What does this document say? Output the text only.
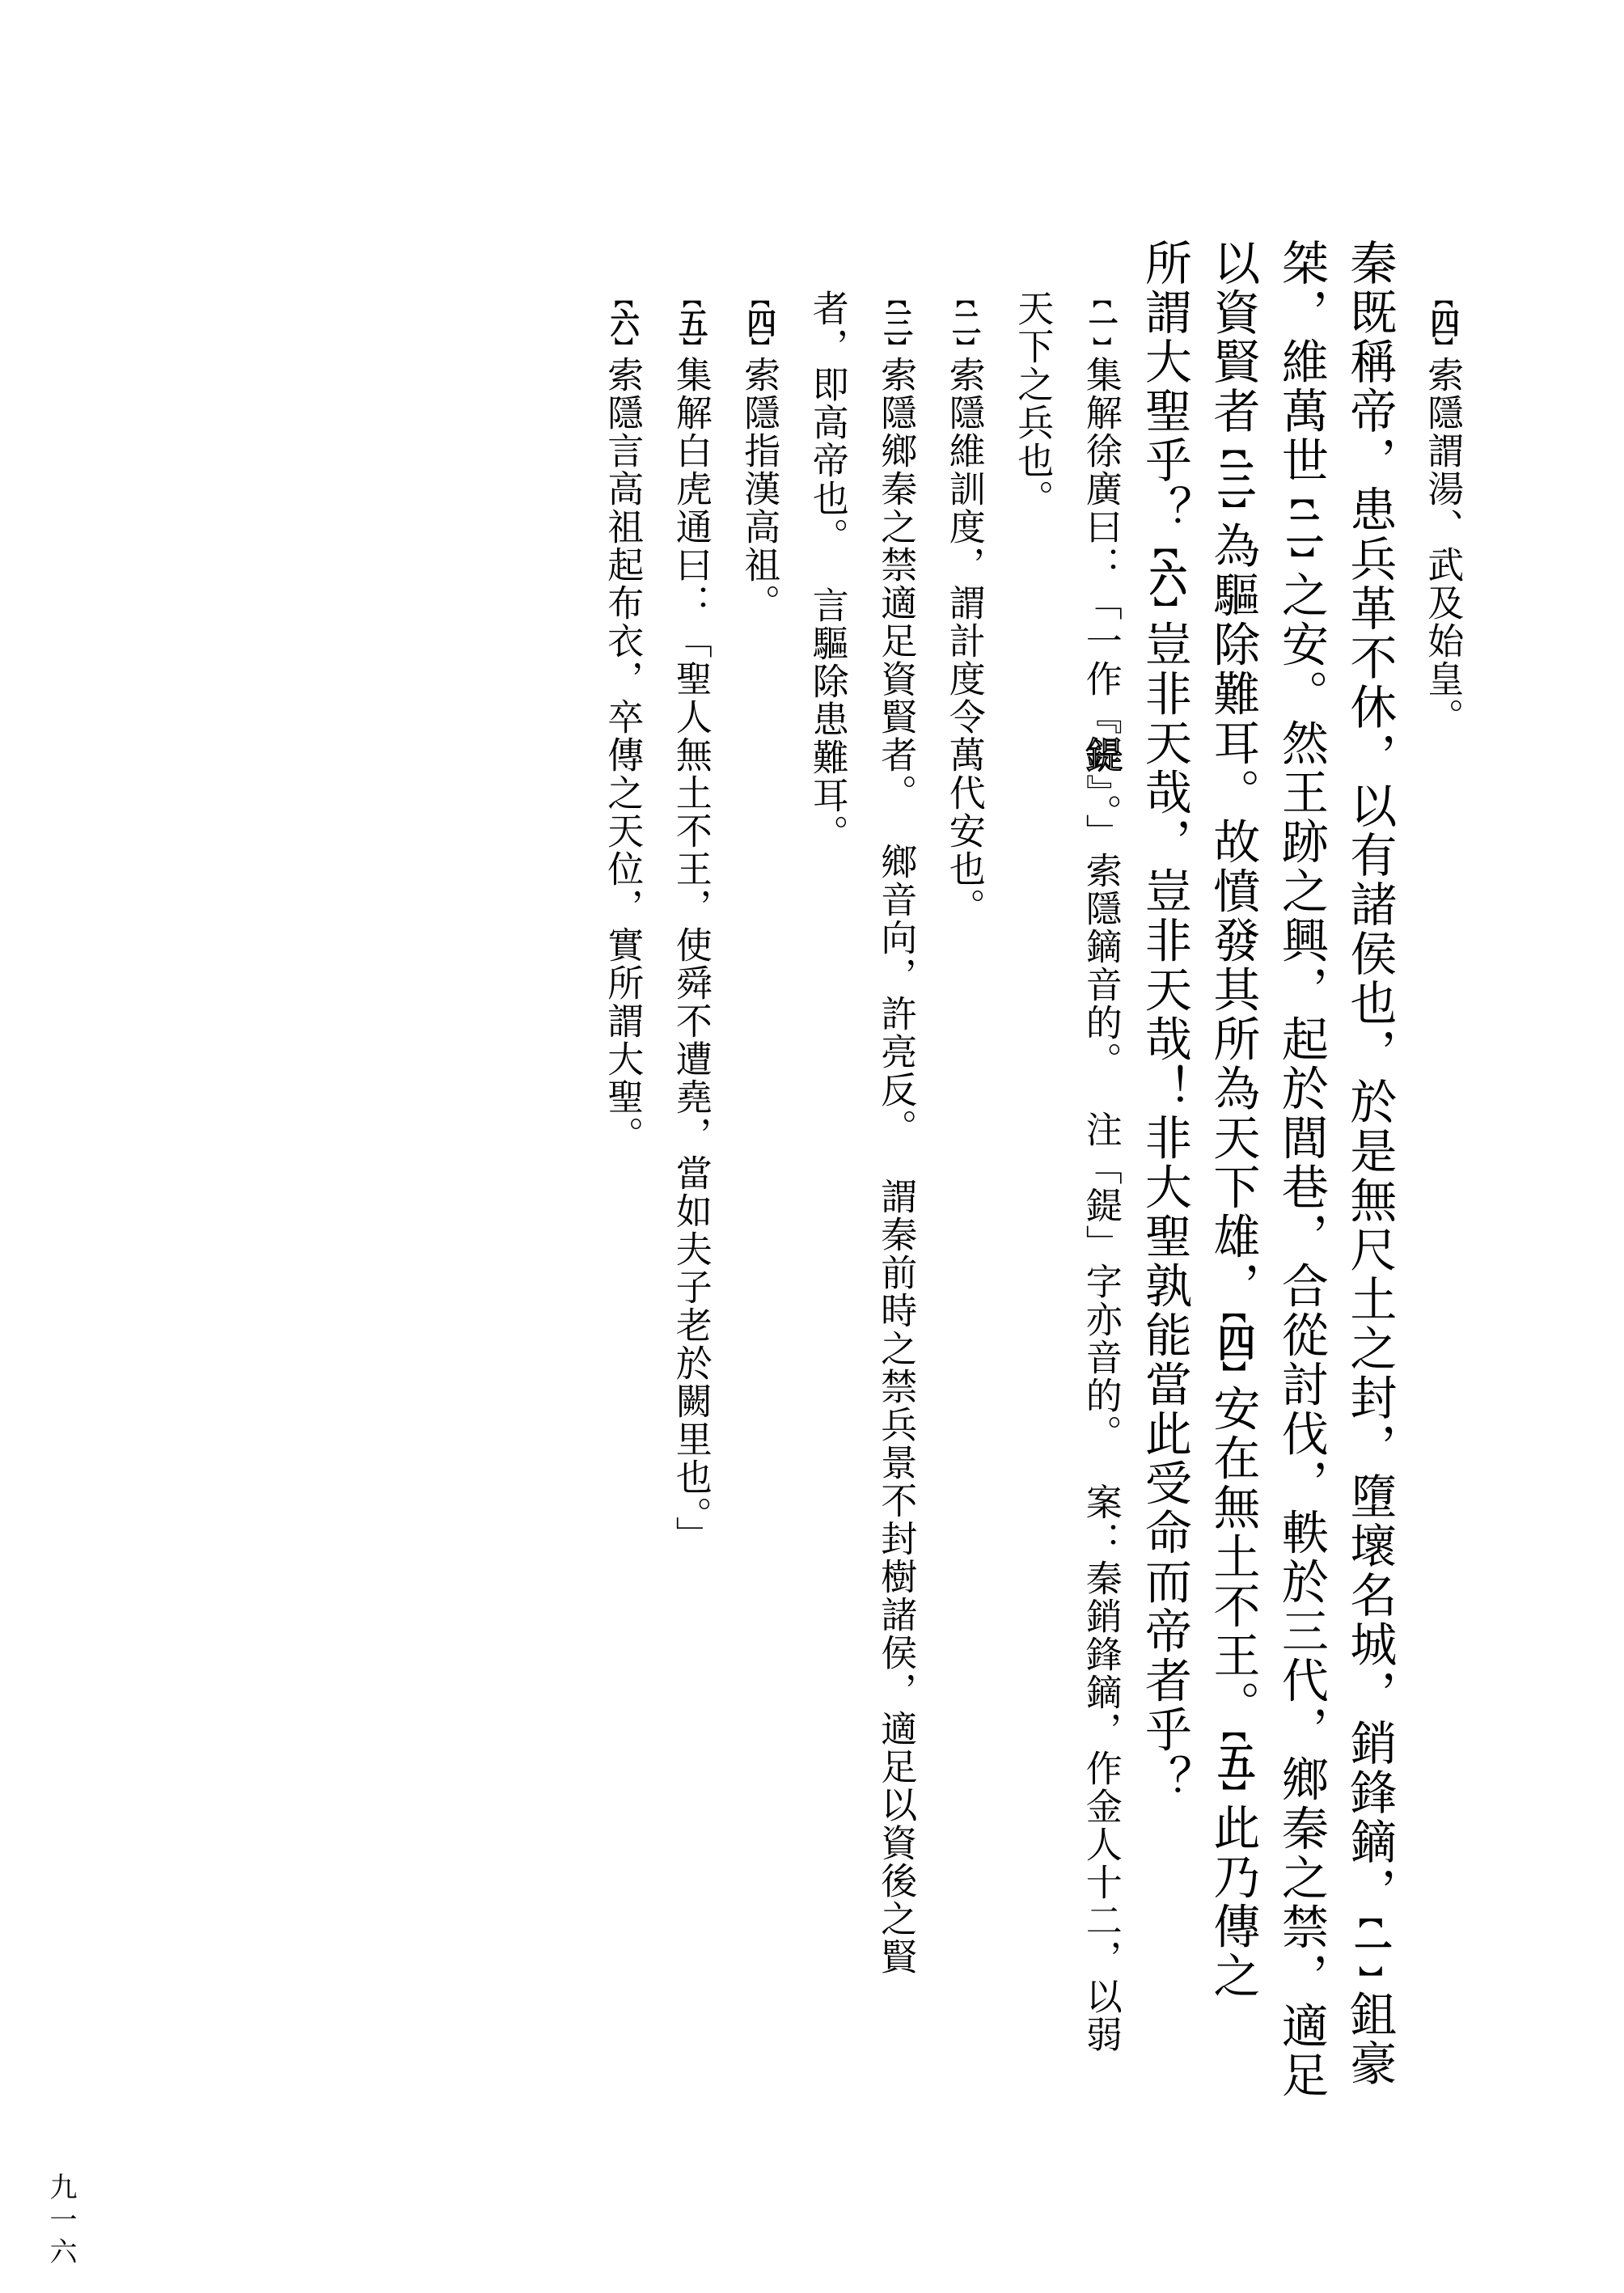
【四】索隱謂湯、武及始皇。
秦既稱帝，患兵革不休，以有諸侯也，於是無尺土之封，墮壞名城，銷鋒鏑，【一】鉏豪
桀，維萬世【二】之安。然王跡之興，起於閭巷，合從討伐，軼於三代，鄉秦之禁，適足
以資賢者【三】為驅除難耳。故憤發其所為天下雄，【四】安在無土不王。【五】此乃傳之
所謂大聖乎？【六】豈非天哉，豈非天哉！非大聖孰能當此受命而帝者乎？
【一】集解徐廣曰：「一作『鍉』。」索隱鏑音的。注「鍉」字亦音的。案：秦銷鋒鏑，作金人十二，以弱
天下之兵也。
【二】索隱維訓度，謂計度令萬代安也。
【三】索隱鄉秦之禁適足資賢者。鄉音向，許亮反。謂秦前時之禁兵景不封樹諸侯，適足以資後之賢
者，即高帝也。言驅除患難耳。
【四】索隱指漢高祖。
【五】集解白虎通曰：「聖人無土不王，使舜不遭堯，當如夫子老於闕里也。」
【六】索隱言高祖起布衣，卒傳之天位，實所謂大聖。
九一六
